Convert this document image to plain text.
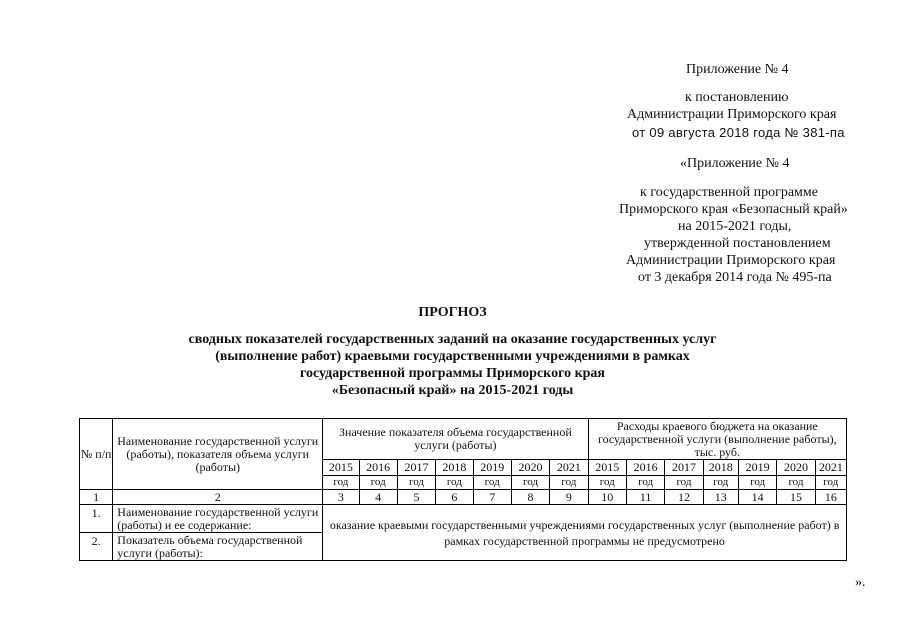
Приложение № 4
к постановлению
Администрации Приморского края
от 09 августа 2018 года № 381-па
«Приложение № 4
к государственной программе
Приморского края «Безопасный край»
на 2015-2021 годы,
утвержденной постановлением
Администрации Приморского края
от 3 декабря 2014 года № 495-па
ПРОГНОЗ
сводных показателей государственных заданий на оказание государственных услуг
(выполнение работ) краевыми государственными учреждениями в рамках
государственной программы Приморского края
«Безопасный край» на 2015-2021 годы
№ п/п	Наименование государственной услуги (работы), показателя объема услуги (работы)	Значение показателя объема государственной услуги (работы)							Расходы краевого бюджета на оказание государственной услуги (выполнение работы), тыс. руб.						
		2015	2016	2017	2018	2019	2020	2021	2015	2016	2017	2018	2019	2020	2021
		год	год	год	год	год	год	год	год	год	год	год	год	год	год
1	2	3	4	5	6	7	8	9	10	11	12	13	14	15	16
1.	Наименование государственной услуги (работы) и ее содержание:	оказание краевыми государственными учреждениями государственных услуг (выполнение работ) в рамках государственной программы не предусмотрено													
2.	Показатель объема государственной услуги (работы):														
».
